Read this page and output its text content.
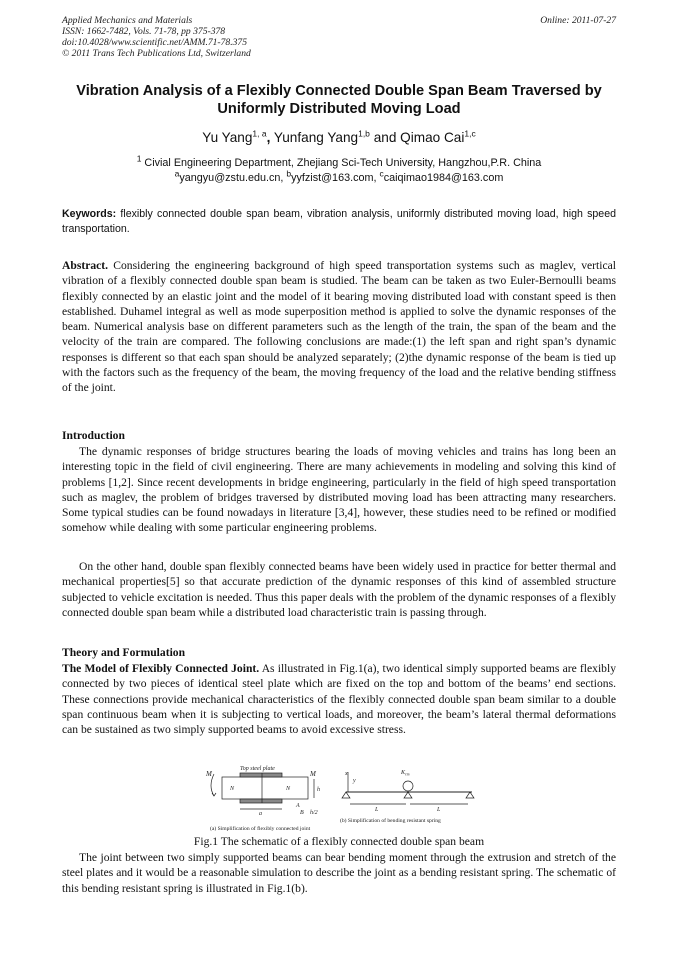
Applied Mechanics and Materials
ISSN: 1662-7482, Vols. 71-78, pp 375-378
doi:10.4028/www.scientific.net/AMM.71-78.375
© 2011 Trans Tech Publications Ltd, Switzerland
Online: 2011-07-27
Vibration Analysis of a Flexibly Connected Double Span Beam Traversed by Uniformly Distributed Moving Load
Yu Yang$^{1, a}$, Yunfang Yang$^{1,b}$ and Qimao Cai$^{1,c}$
$^1$ Civial Engineering Department, Zhejiang Sci-Tech University, Hangzhou,P.R. China
$^a$yangyu@zstu.edu.cn, $^b$yyfzist@163.com, $^c$caiqimao1984@163.com
Keywords: flexibly connected double span beam, vibration analysis, uniformly distributed moving load, high speed transportation.
Abstract. Considering the engineering background of high speed transportation systems such as maglev, vertical vibration of a flexibly connected double span beam is studied. The beam can be taken as two Euler-Bernoulli beams flexibly connected by an elastic joint and the model of it bearing moving distributed load with constant speed is then established. Duhamel integral as well as mode superposition method is applied to solve the dynamic responses of the beam. Numerical analysis base on different parameters such as the length of the train, the span of the beam and the velocity of the train are compared. The following conclusions are made:(1) the left span and right span’s dynamic responses is different so that each span should be analyzed separately; (2)the dynamic response of the beam is tied up with the factors such as the frequency of the beam, the moving frequency of the load and the relative bending stiffness of the joint.
Introduction
The dynamic responses of bridge structures bearing the loads of moving vehicles and trains has long been an interesting topic in the field of civil engineering. There are many achievements in modeling and solving this kind of problems [1,2]. Since recent developments in bridge engineering, particularly in the field of high speed transportation such as maglev, the problem of bridges traversed by distributed moving load has been attracting many researchers. Some typical studies can be found nowadays in literature [3,4], however, these studies need to be refined or modified somehow while dealing with some particular engineering problems.
On the other hand, double span flexibly connected beams have been widely used in practice for better thermal and mechanical properties[5] so that accurate prediction of the dynamic responses of this kind of assembled structure subjected to vehicle excitation is needed. Thus this paper deals with the problem of the dynamic responses of a flexibly connected double span beam while a distributed load characteristic train is passing through.
Theory and Formulation
The Model of Flexibly Connected Joint. As illustrated in Fig.1(a), two identical simply supported beams are flexibly connected by two pieces of identical steel plate which are fixed on the top and bottom of the beams’ end sections. These connections provide mechanical characteristics of the flexibly connected double span beam similar to a double span continuous beam when it is subjecting to vertical loads, and moreover, the beam’s lateral thermal deformations can be sustained as two simply supported beams to avoid excessive stress.
Top steel plate
M
N	N
M
h
a
A
B h/2
(a) Simplification of flexibly connected joint
x
y
$K_{rm}$
L	L
(b) Simplification of bending resistant spring
Fig.1 The schematic of a flexibly connected double span beam
The joint between two simply supported beams can bear bending moment through the extrusion and stretch of the steel plates and it would be a reasonable simulation to describe the joint as a bending resistant spring. The schematic of this bending resistant spring is illustrated in Fig.1(b).
